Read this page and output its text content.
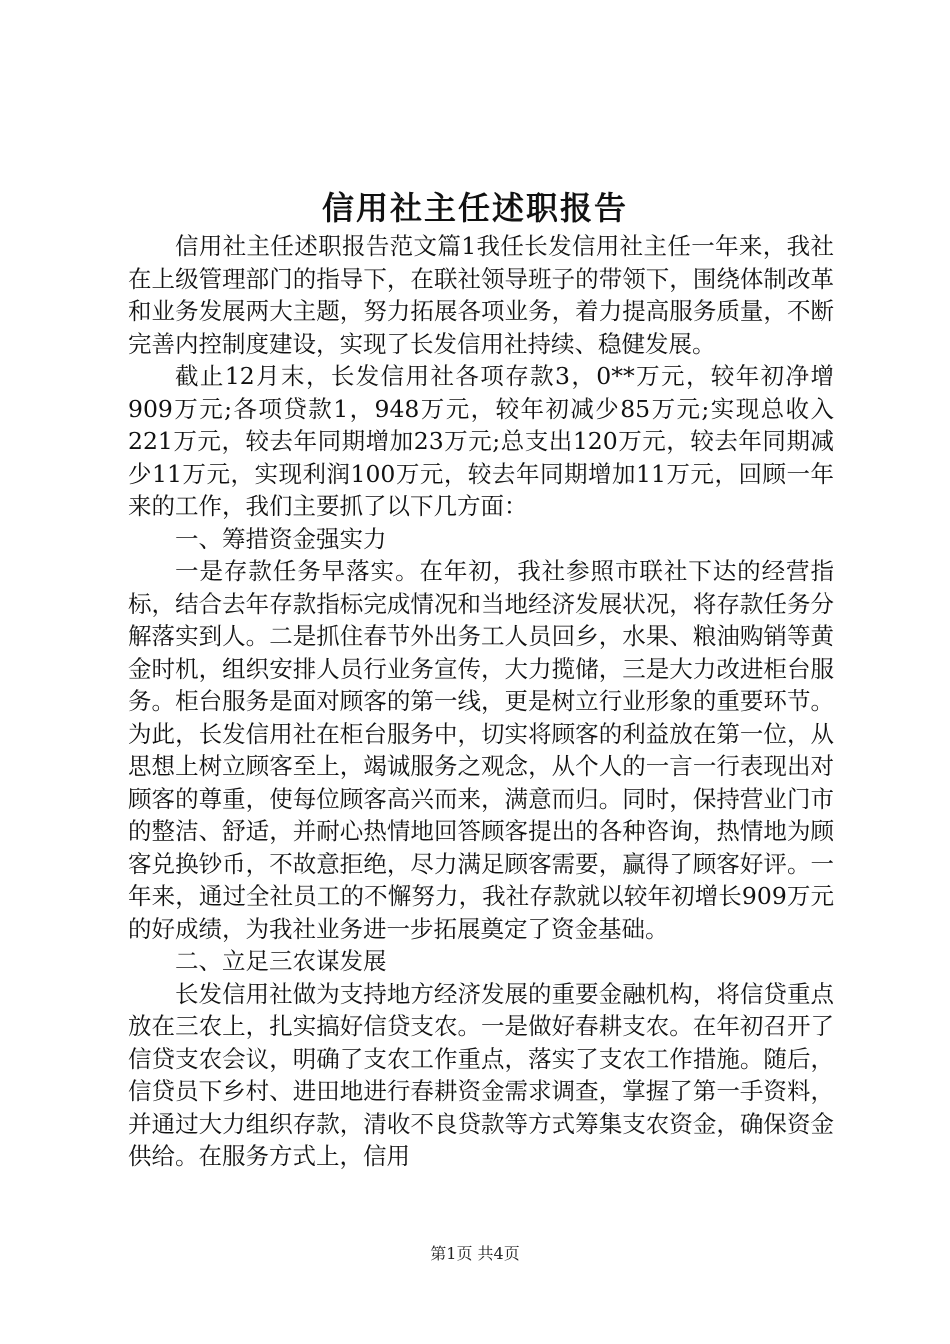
信用社主任述职报告

信用社主任述职报告范文篇1我任长发信用社主任一年来，我社在上级管理部门的指导下，在联社领导班子的带领下，围绕体制改革和业务发展两大主题，努力拓展各项业务，着力提高服务质量，不断完善内控制度建设，实现了长发信用社持续、稳健发展。

截止12月末，长发信用社各项存款3，0**万元，较年初净增909万元;各项贷款1，948万元，较年初减少85万元;实现总收入221万元，较去年同期增加23万元;总支出120万元，较去年同期减少11万元，实现利润100万元，较去年同期增加11万元，回顾一年来的工作，我们主要抓了以下几方面：

一、筹措资金强实力

一是存款任务早落实。在年初，我社参照市联社下达的经营指标，结合去年存款指标完成情况和当地经济发展状况，将存款任务分解落实到人。二是抓住春节外出务工人员回乡，水果、粮油购销等黄金时机，组织安排人员行业务宣传，大力揽储，三是大力改进柜台服务。柜台服务是面对顾客的第一线，更是树立行业形象的重要环节。为此，长发信用社在柜台服务中，切实将顾客的利益放在第一位，从思想上树立顾客至上，竭诚服务之观念，从个人的一言一行表现出对顾客的尊重，使每位顾客高兴而来，满意而归。同时，保持营业门市的整洁、舒适，并耐心热情地回答顾客提出的各种咨询，热情地为顾客兑换钞币，不故意拒绝，尽力满足顾客需要，赢得了顾客好评。一年来，通过全社员工的不懈努力，我社存款就以较年初增长909万元的好成绩，为我社业务进一步拓展奠定了资金基础。

二、立足三农谋发展

长发信用社做为支持地方经济发展的重要金融机构，将信贷重点放在三农上，扎实搞好信贷支农。一是做好春耕支农。在年初召开了信贷支农会议，明确了支农工作重点，落实了支农工作措施。随后，信贷员下乡村、进田地进行春耕资金需求调查，掌握了第一手资料，并通过大力组织存款，清收不良贷款等方式筹集支农资金，确保资金供给。在服务方式上，信用

第1页 共4页
